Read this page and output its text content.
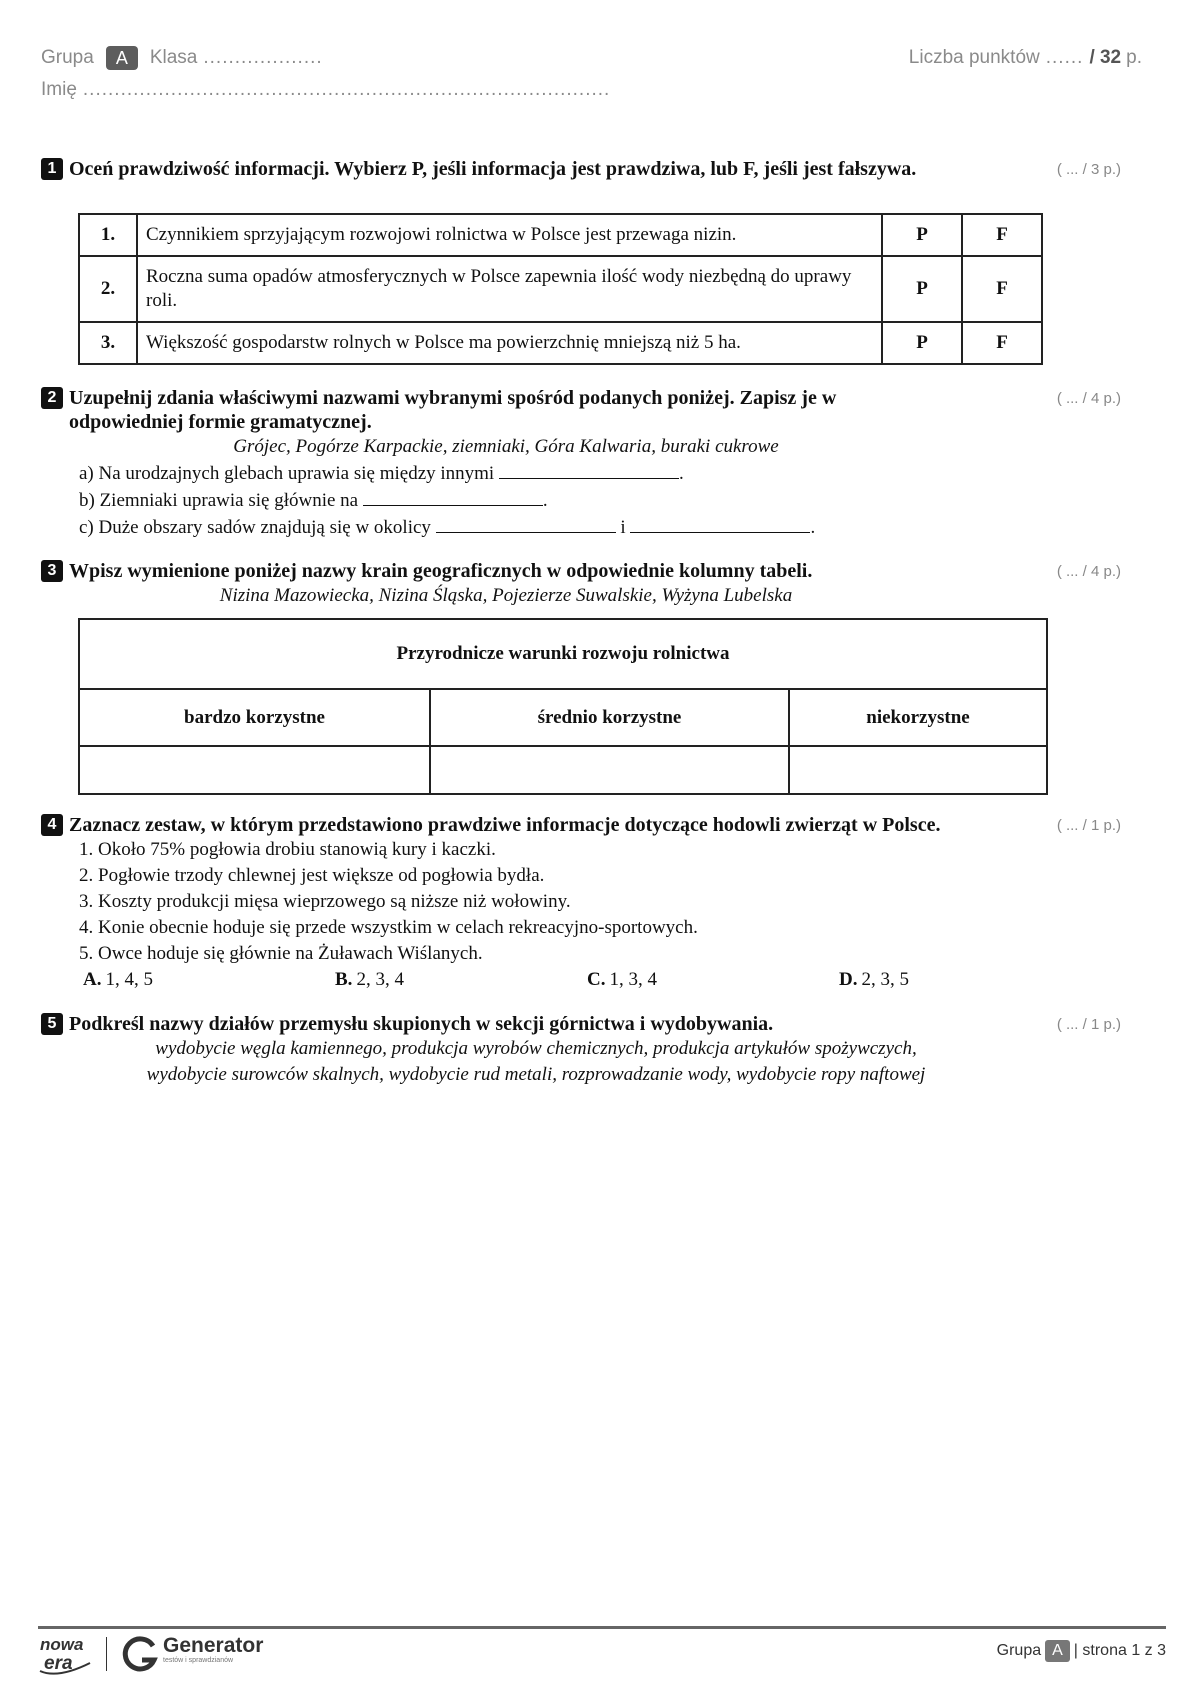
Grupa	A	Klasa ...................
Imię ....................................................................................
Liczba punktów ...... / 32 p.
1 Oceń prawdziwość informacji. Wybierz P, jeśli informacja jest prawdziwa, lub F, jeśli jest fałszywa.	( ... / 3 p.)
1.	Czynnikiem sprzyjającym rozwojowi rolnictwa w Polsce jest przewaga nizin.	P	F
2.	Roczna suma opadów atmosferycznych w Polsce zapewnia ilość wody niezbędną do uprawy roli.	P	F
3.	Większość gospodarstw rolnych w Polsce ma powierzchnię mniejszą niż 5 ha.	P	F
2 Uzupełnij zdania właściwymi nazwami wybranymi spośród podanych poniżej. Zapisz je w odpowiedniej formie gramatycznej.
( ... / 4 p.)
Grójec, Pogórze Karpackie, ziemniaki, Góra Kalwaria, buraki cukrowe
a) Na urodzajnych glebach uprawia się między innymi	.
b) Ziemniaki uprawia się głównie na	.
c) Duże obszary sadów znajdują się w okolicy	i	.
3 Wpisz wymienione poniżej nazwy krain geograficznych w odpowiednie kolumny tabeli.	( ... / 4 p.)
Nizina Mazowiecka, Nizina Śląska, Pojezierze Suwalskie, Wyżyna Lubelska
Przyrodnicze warunki rozwoju rolnictwa		
bardzo korzystne	średnio korzystne	niekorzystne

4 Zaznacz zestaw, w którym przedstawiono prawdziwe informacje dotyczące hodowli zwierząt w Polsce.	( ... / 1 p.)
1. Około 75% pogłowia drobiu stanowią kury i kaczki.
2. Pogłowie trzody chlewnej jest większe od pogłowia bydła.
3. Koszty produkcji mięsa wieprzowego są niższe niż wołowiny.
4. Konie obecnie hoduje się przede wszystkim w celach rekreacyjno-sportowych.
5. Owce hoduje się głównie na Żuławach Wiślanych.
A. 1, 4, 5	B. 2, 3, 4	C. 1, 3, 4	D. 2, 3, 5
5 Podkreśl nazwy działów przemysłu skupionych w sekcji górnictwa i wydobywania.	( ... / 1 p.)
wydobycie węgla kamiennego, produkcja wyrobów chemicznych, produkcja artykułów spożywczych,
wydobycie surowców skalnych, wydobycie rud metali, rozprowadzanie wody, wydobycie ropy naftowej
nowa
era
Generator
testów i sprawdzianów
Grupa A | strona 1 z 3
